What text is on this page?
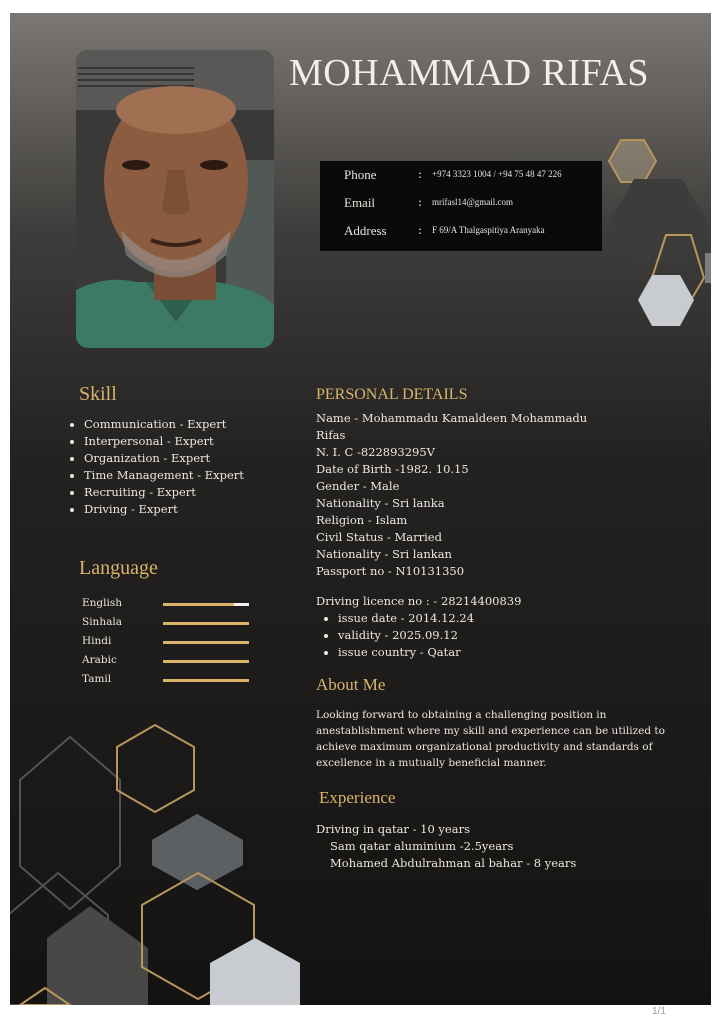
MOHAMMAD RIFAS
Phone	: +974 3323 1004 / +94 75 48 47 226
Email	: mrifasl14@gmail.com
Address	: F 69/A Thalgaspitiya Aranyaka
Skill
• Communication - Expert
• Interpersonal - Expert
• Organization - Expert
• Time Management - Expert
• Recruiting - Expert
• Driving - Expert
Language
English
Sinhala
Hindi
Arabic
Tamil
PERSONAL DETAILS
Name - Mohammadu Kamaldeen Mohammadu
Rifas
N. I. C -822893295V
Date of Birth -1982. 10.15
Gender - Male
Nationality - Sri lanka
Religion - Islam
Civil Status - Married
Nationality - Sri lankan
Passport no - N10131350
Driving licence no : - 28214400839
• issue date - 2014.12.24
• validity - 2025.09.12
• issue country - Qatar
About Me
Looking forward to obtaining a challenging position in anestablishment where my skill and experience can be utilized to achieve maximum organizational productivity and standards of excellence in a mutually beneficial manner.
Experience
Driving in qatar - 10 years
Sam qatar aluminium -2.5years
Mohamed Abdulrahman al bahar - 8 years
1/1
